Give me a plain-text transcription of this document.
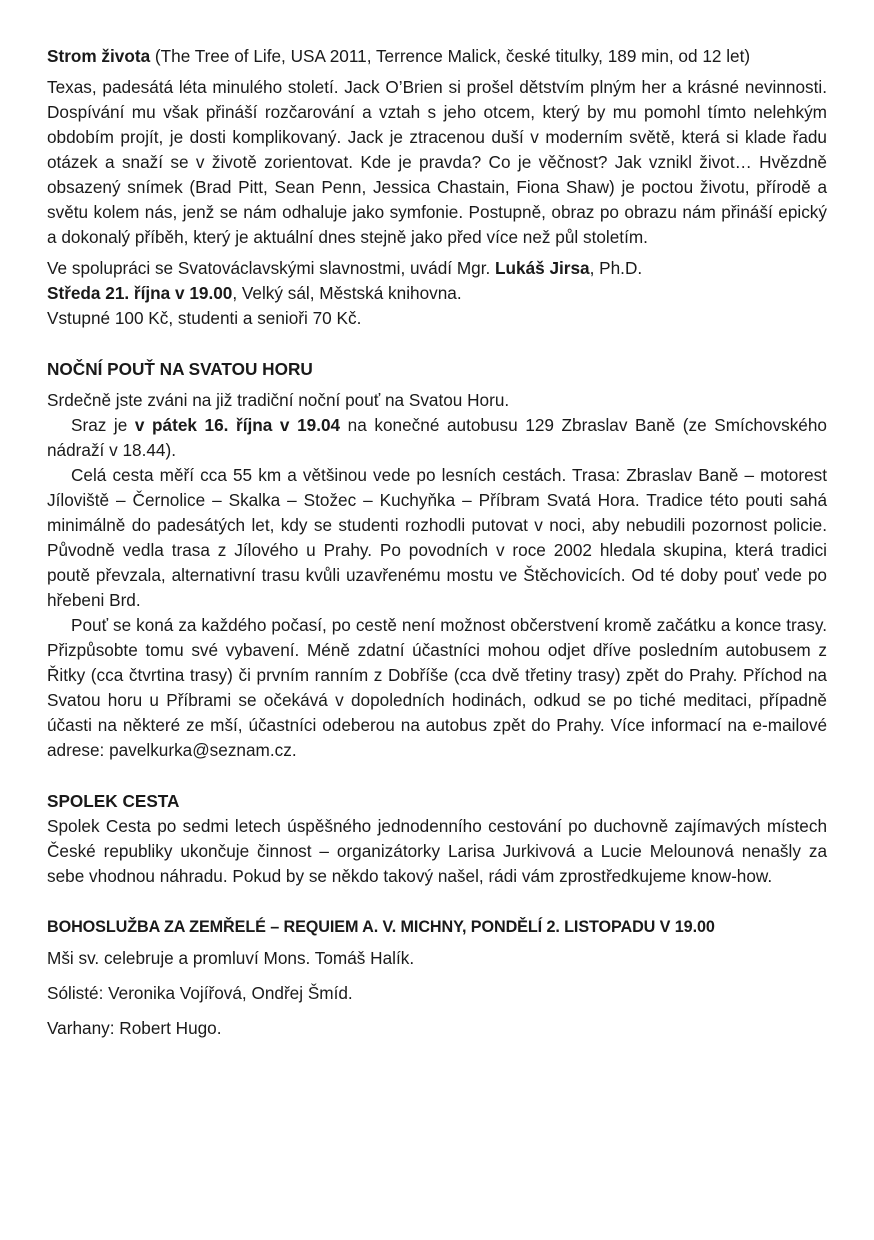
Strom života (The Tree of Life, USA 2011, Terrence Malick, české titulky, 189 min, od 12 let)

Texas, padesátá léta minulého století. Jack O’Brien si prošel dětstvím plným her a krásné nevinnosti. Dospívání mu však přináší rozčarování a vztah s jeho otcem, který by mu pomohl tímto nelehkým obdobím projít, je dosti komplikovaný. Jack je ztracenou duší v moderním světě, která si klade řadu otázek a snaží se v životě zorientovat. Kde je pravda? Co je věčnost? Jak vznikl život… Hvězdně obsazený snímek (Brad Pitt, Sean Penn, Jessica Chastain, Fiona Shaw) je poctou životu, přírodě a světu kolem nás, jenž se nám odhaluje jako symfonie. Postupně, obraz po obrazu nám přináší epický a dokonalý příběh, který je aktuální dnes stejně jako před více než půl stoletím.

Ve spolupráci se Svatováclavskými slavnostmi, uvádí Mgr. Lukáš Jirsa, Ph.D.

Středa 21. října v 19.00, Velký sál, Městská knihovna.

Vstupné 100 Kč, studenti a senioři 70 Kč.

NOČNÍ POUŤ NA SVATOU HORU

Srdečně jste zváni na již tradiční noční pouť na Svatou Horu.

Sraz je v pátek 16. října v 19.04 na konečné autobusu 129 Zbraslav Baně (ze Smíchovského nádraží v 18.44).

Celá cesta měří cca 55 km a většinou vede po lesních cestách. Trasa: Zbraslav Baně – motorest Jíloviště – Černolice – Skalka – Stožec – Kuchyňka – Příbram Svatá Hora. Tradice této pouti sahá minimálně do padesátých let, kdy se studenti rozhodli putovat v noci, aby nebudili pozornost policie. Původně vedla trasa z Jílového u Prahy. Po povodních v roce 2002 hledala skupina, která tradici poutě převzala, alternativní trasu kvůli uzavřenému mostu ve Štěchovicích. Od té doby pouť vede po hřebeni Brd.

Pouť se koná za každého počasí, po cestě není možnost občerstvení kromě začátku a konce trasy. Přizpůsobte tomu své vybavení. Méně zdatní účastníci mohou odjet dříve posledním autobusem z Řitky (cca čtvrtina trasy) či prvním ranním z Dobříše (cca dvě třetiny trasy) zpět do Prahy. Příchod na Svatou horu u Příbrami se očekává v dopoledních hodinách, odkud se po tiché meditaci, případně účasti na některé ze mší, účastníci odeberou na autobus zpět do Prahy. Více informací na e-mailové adrese: pavelkurka@seznam.cz.

SPOLEK CESTA

Spolek Cesta po sedmi letech úspěšného jednodenního cestování po duchovně zajímavých místech České republiky ukončuje činnost – organizátorky Larisa Jurkivová a Lucie Melounová nenašly za sebe vhodnou náhradu. Pokud by se někdo takový našel, rádi vám zprostředkujeme know-how.

BOHOSLUŽBA ZA ZEMŘELÉ – REQUIEM A. V. MICHNY, PONDĚLÍ 2. LISTOPADU V 19.00

Mši sv. celebruje a promluví Mons. Tomáš Halík.

Sólisté: Veronika Vojířová, Ondřej Šmíd.

Varhany: Robert Hugo.
